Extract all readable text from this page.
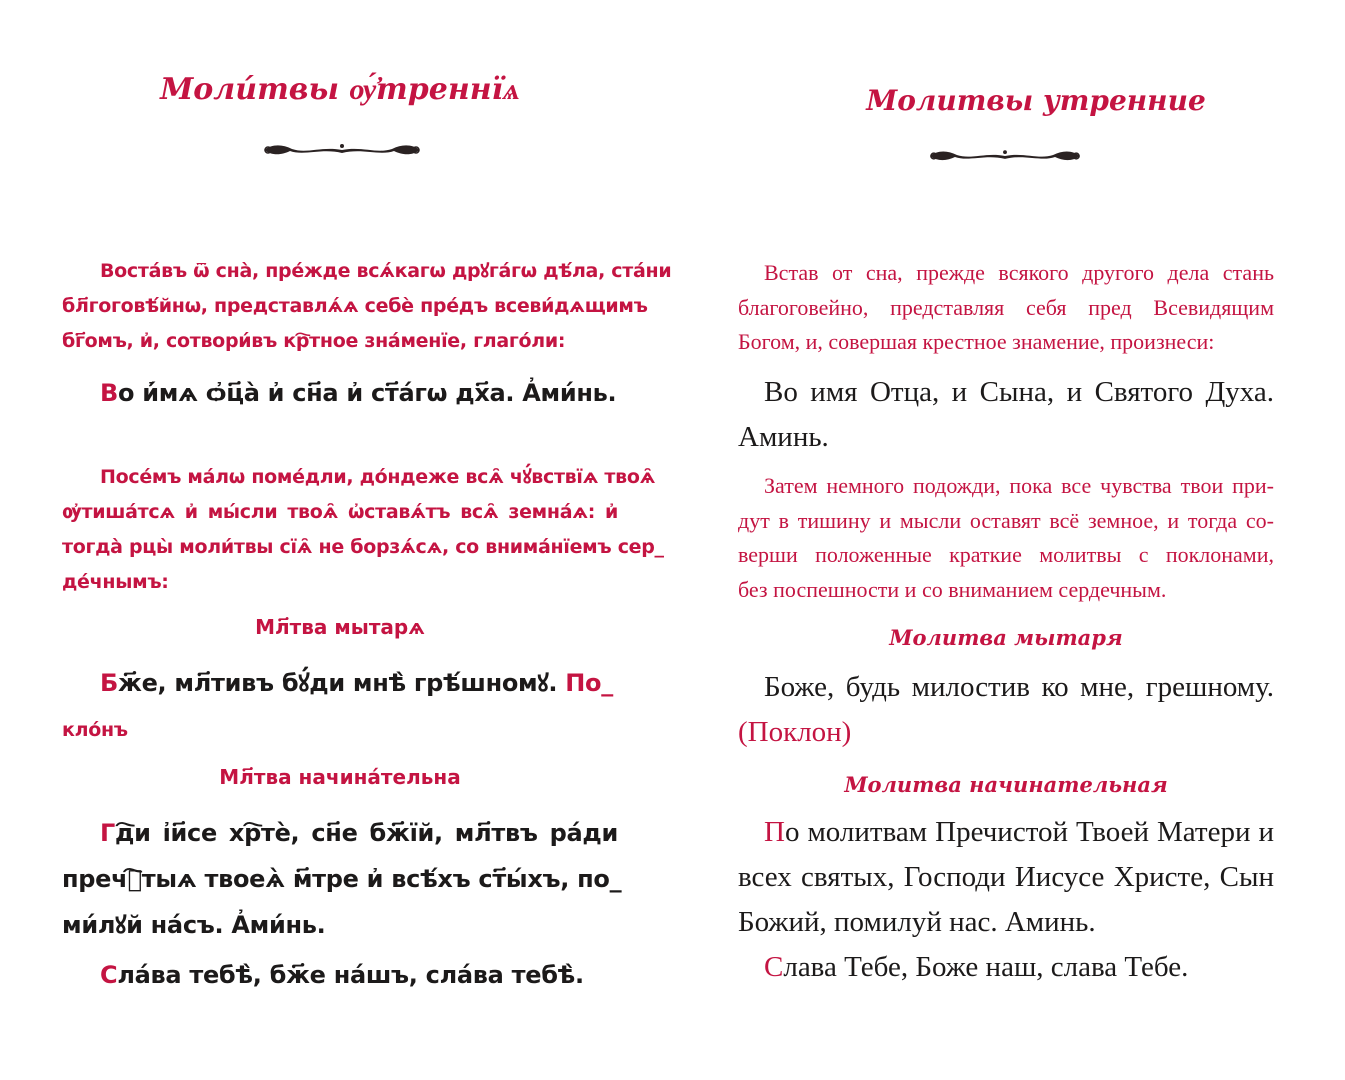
Моли́твы ѹ҆́треннїѧ
Воста́въ ѿ сна̀, пре́жде всѧ́кагѡ дрꙋга́гѡ дѣ́ла, ста́ни
бл҃гоговѣ́йнѡ, представлѧ́ѧ себѐ пре́дъ всеви́дѧщимъ
бг҃омъ, и҆, сотвори́въ кр҇тное зна́менїе, глаго́ли:
Во и҆́мѧ ѻ҆ц҃а̀ и҆ сн҃а и҆ ст҃а́гѡ дх҃а. А҆ми́нь.
Посе́мъ ма́лѡ поме́дли, до́ндеже всѧ̑ чꙋ́вствїѧ твоѧ̑
ѹ҆тиша́тсѧ и҆ мы́сли твоѧ̑ ѡ҆ставѧ́тъ всѧ̑ земна́ѧ: и҆
тогда̀ рцы̀ моли́твы сїѧ̑ не борзѧ́сѧ, со внима́нїемъ сер_
де́чнымъ:
Мл҃тва мытарѧ
Бж҃е, мл҃тивъ бꙋ́ди мнѣ̀ грѣ́шномꙋ. По_
кло́нъ
Мл҃тва начина́тельна
Гд҇и і҆и҃се хр҇тѐ, сн҃е бж҃їй, мл҃твъ ра́ди
пречⷭ҇тыѧ твоеѧ̀ м҃тре и҆ всѣ́хъ ст҃ы́хъ, по_
ми́лꙋй на́съ. А҆ми́нь.
Сла́ва тебѣ̀, бж҃е на́шъ, сла́ва тебѣ̀.
Молитвы утренние
Встав от сна, прежде всякого другого дела стань
благоговейно, представляя себя пред Всевидящим
Богом, и, совершая крестное знамение, произнеси:
Во имя Отца, и Сына, и Святого Духа.
Аминь.
Затем немного подожди, пока все чувства твои при-
дут в тишину и мысли оставят всё земное, и тогда со-
верши положенные краткие молитвы с поклонами,
без поспешности и со вниманием сердечным.
Молитва мытаря
Боже, будь милостив ко мне, грешному.
(Поклон)
Молитва начинательная
По молитвам Пречистой Твоей Матери и
всех святых, Господи Иисусе Христе, Сын
Божий, помилуй нас. Аминь.
Слава Тебе, Боже наш, слава Тебе.
